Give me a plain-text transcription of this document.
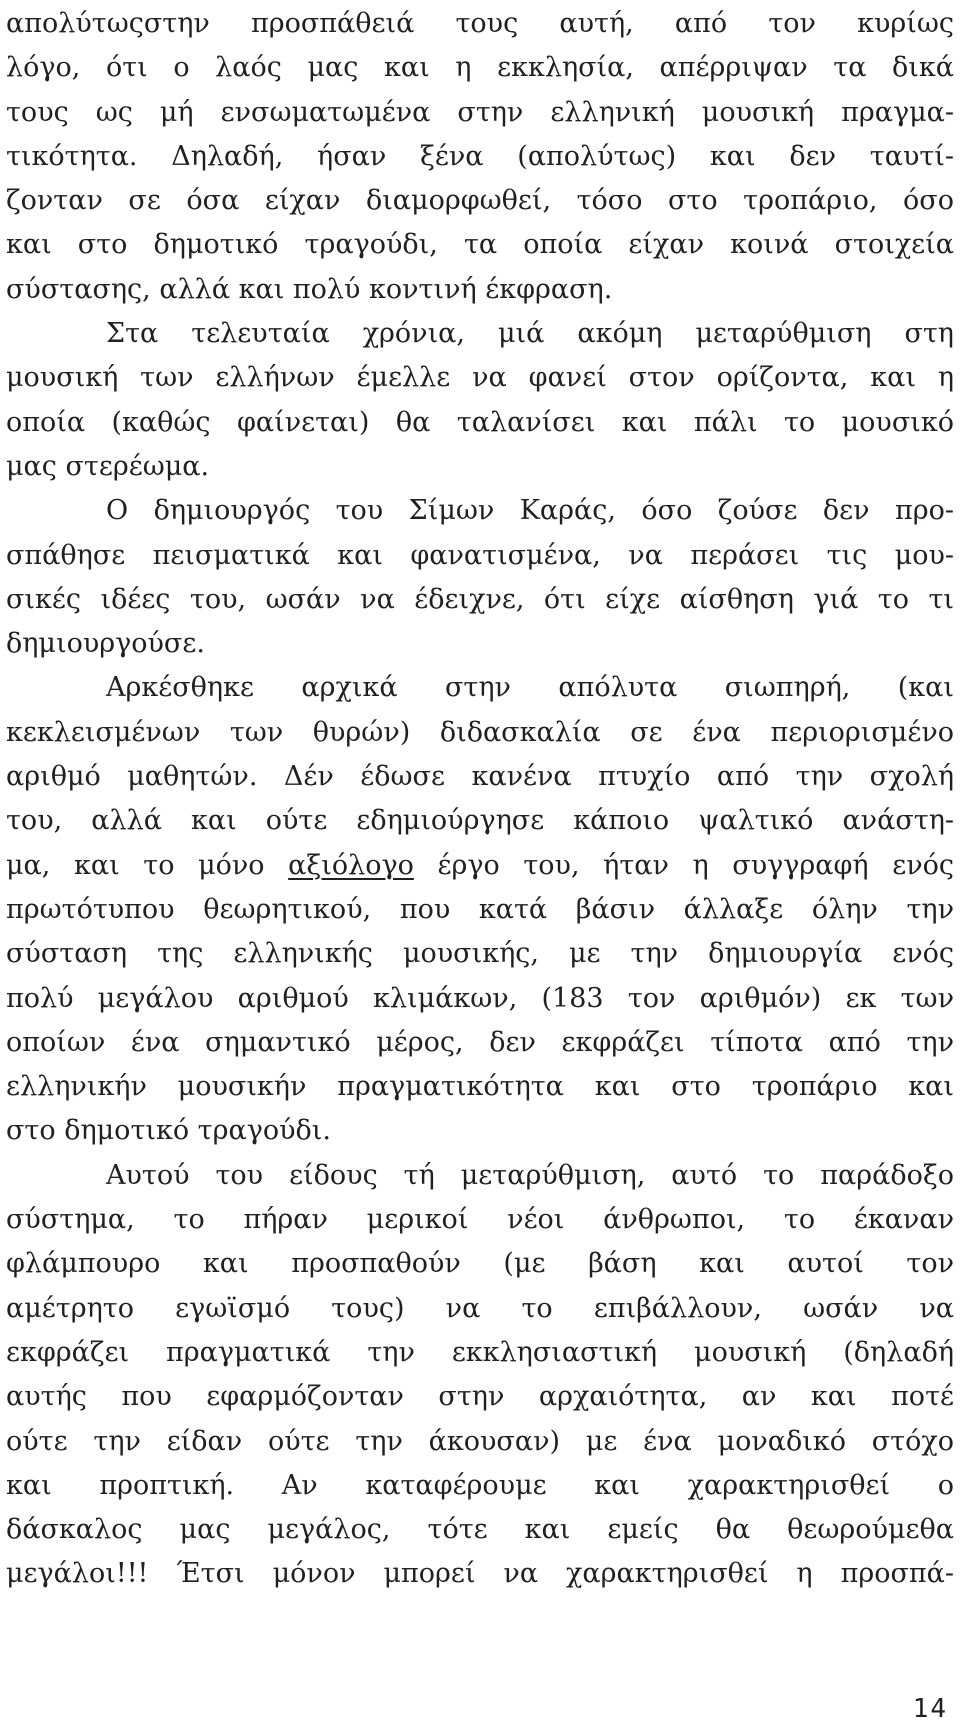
απολύτωςστην προσπάθειά τους αυτή, από τον κυρίως
λόγο, ότι ο λαός μας και η εκκλησία, απέρριψαν τα δικά
τους ως μή ενσωματωμένα στην ελληνική μουσική πραγμα-
τικότητα. Δηλαδή, ήσαν ξένα (απολύτως) και δεν ταυτί-
ζονταν σε όσα είχαν διαμορφωθεί, τόσο στο τροπάριο, όσο
και στο δημοτικό τραγούδι, τα οποία είχαν κοινά στοιχεία
σύστασης, αλλά και πολύ κοντινή έκφραση.
Στα τελευταία χρόνια, μιά ακόμη μεταρύθμιση στη
μουσική των ελλήνων έμελλε να φανεί στον ορίζοντα, και η
οποία (καθώς φαίνεται) θα ταλανίσει και πάλι το μουσικό
μας στερέωμα.
Ο δημιουργός του Σίμων Καράς, όσο ζούσε δεν προ-
σπάθησε πεισματικά και φανατισμένα, να περάσει τις μου-
σικές ιδέες του, ωσάν να έδειχνε, ότι είχε αίσθηση γιά το τι
δημιουργούσε.
Αρκέσθηκε αρχικά στην απόλυτα σιωπηρή, (και
κεκλεισμένων των θυρών) διδασκαλία σε ένα περιορισμένο
αριθμό μαθητών. Δέν έδωσε κανένα πτυχίο από την σχολή
του, αλλά και ούτε εδημιούργησε κάποιο ψαλτικό ανάστη-
μα, και το μόνο αξιόλογο έργο του, ήταν η συγγραφή ενός
πρωτότυπου θεωρητικού, που κατά βάσιν άλλαξε όλην την
σύσταση της ελληνικής μουσικής, με την δημιουργία ενός
πολύ μεγάλου αριθμού κλιμάκων, (183 τον αριθμόν) εκ των
οποίων ένα σημαντικό μέρος, δεν εκφράζει τίποτα από την
ελληνικήν μουσικήν πραγματικότητα και στο τροπάριο και
στο δημοτικό τραγούδι.
Αυτού του είδους τή μεταρύθμιση, αυτό το παράδοξο
σύστημα, το πήραν μερικοί νέοι άνθρωποι, το έκαναν
φλάμπουρο και προσπαθούν (με βάση και αυτοί τον
αμέτρητο εγωϊσμό τους) να το επιβάλλουν, ωσάν να
εκφράζει πραγματικά την εκκλησιαστική μουσική (δηλαδή
αυτής που εφαρμόζονταν στην αρχαιότητα, αν και ποτέ
ούτε την είδαν ούτε την άκουσαν) με ένα μοναδικό στόχο
και προπτική. Αν καταφέρουμε και χαρακτηρισθεί ο
δάσκαλος μας μεγάλος, τότε και εμείς θα θεωρούμεθα
μεγάλοι!!! Έτσι μόνον μπορεί να χαρακτηρισθεί η προσπά-
14
